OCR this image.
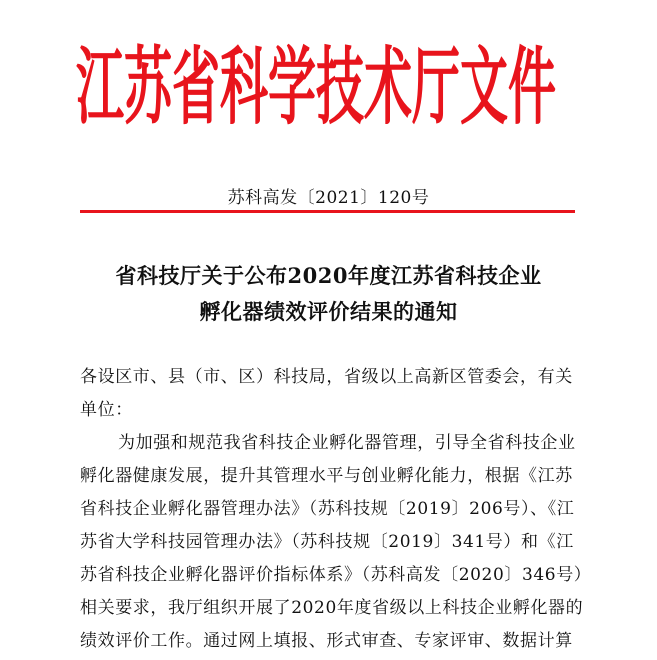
江苏省科学技术厅文件
苏科高发〔2021〕120号
省科技厅关于公布2020年度江苏省科技企业
孵化器绩效评价结果的通知
各设区市、县（市、区）科技局，省级以上高新区管委会，有关
单位：
为加强和规范我省科技企业孵化器管理，引导全省科技企业
孵化器健康发展，提升其管理水平与创业孵化能力，根据《江苏
省科技企业孵化器管理办法》（苏科技规〔2019〕206号）、《江
苏省大学科技园管理办法》（苏科技规〔2019〕341号）和《江
苏省科技企业孵化器评价指标体系》（苏科高发〔2020〕346号）
相关要求，我厅组织开展了2020年度省级以上科技企业孵化器的
绩效评价工作。通过网上填报、形式审查、专家评审、数据计算
